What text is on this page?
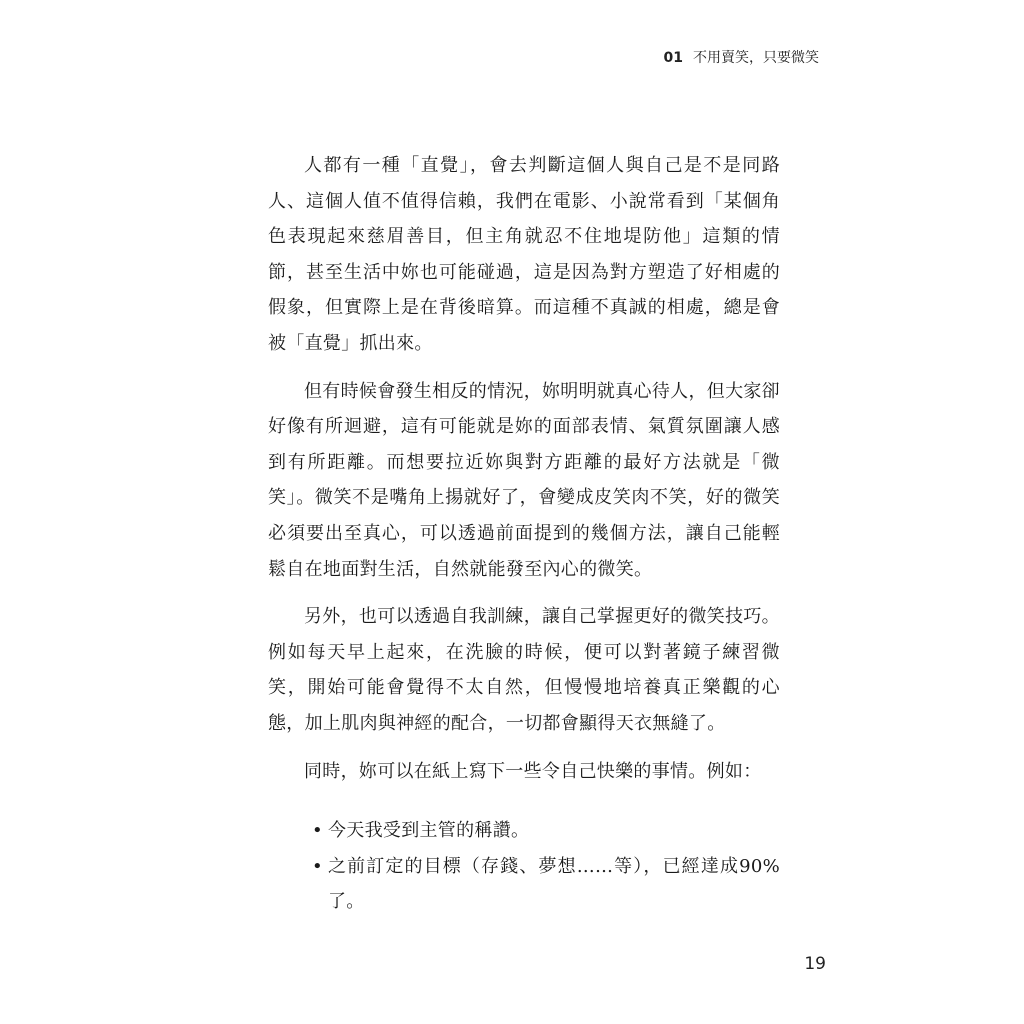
01 不用賣笑，只要微笑

人都有一種「直覺」，會去判斷這個人與自己是不是同路人、這個人值不值得信賴，我們在電影、小說常看到「某個角色表現起來慈眉善目，但主角就忍不住地堤防他」這類的情節，甚至生活中妳也可能碰過，這是因為對方塑造了好相處的假象，但實際上是在背後暗算。而這種不真誠的相處，總是會被「直覺」抓出來。

但有時候會發生相反的情況，妳明明就真心待人，但大家卻好像有所迴避，這有可能就是妳的面部表情、氣質氛圍讓人感到有所距離。而想要拉近妳與對方距離的最好方法就是「微笑」。微笑不是嘴角上揚就好了，會變成皮笑肉不笑，好的微笑必須要出至真心，可以透過前面提到的幾個方法，讓自己能輕鬆自在地面對生活，自然就能發至內心的微笑。

另外，也可以透過自我訓練，讓自己掌握更好的微笑技巧。例如每天早上起來，在洗臉的時候，便可以對著鏡子練習微笑，開始可能會覺得不太自然，但慢慢地培養真正樂觀的心態，加上肌肉與神經的配合，一切都會顯得天衣無縫了。

同時，妳可以在紙上寫下一些令自己快樂的事情。例如：

• 今天我受到主管的稱讚。
• 之前訂定的目標（存錢、夢想……等），已經達成90%了。
19
